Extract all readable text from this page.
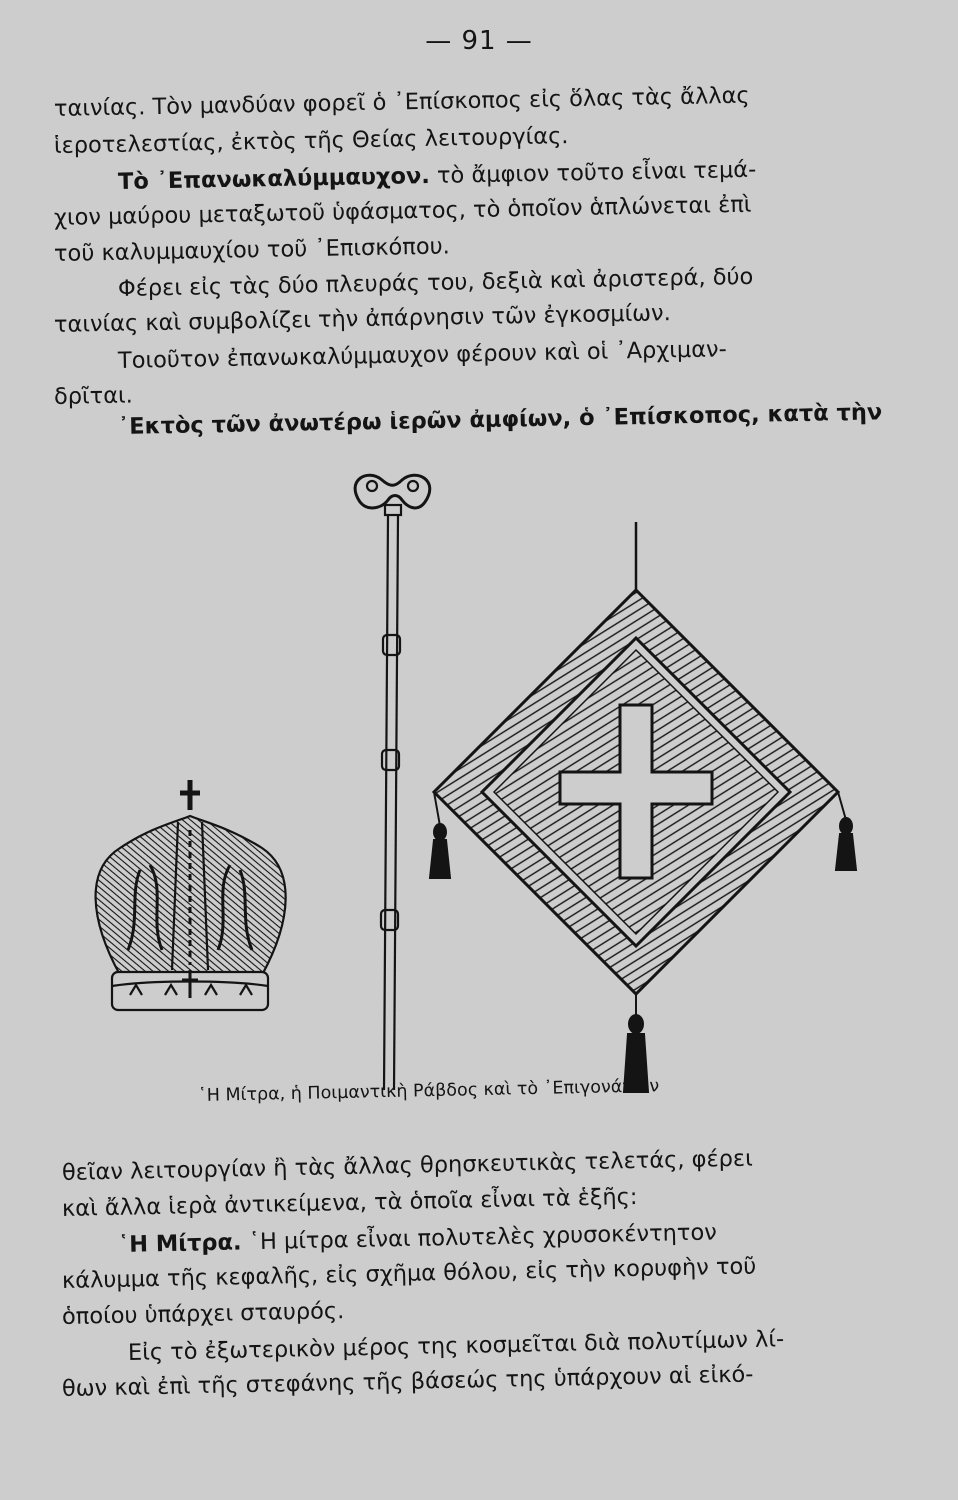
— 91 —
ταινίας. Τὸν μανδύαν φορεῖ ὁ ᾽Επίσκοπος εἰς ὅλας τὰς ἄλλας
ἱεροτελεστίας, ἐκτὸς τῆς Θείας λειτουργίας.
Τὸ ᾽Επανωκαλύμμαυχον. τὸ ἄμφιον τοῦτο εἶναι τεμά-
χιον μαύρου μεταξωτοῦ ὑφάσματος, τὸ ὁποῖον ἁπλώνεται ἐπὶ
τοῦ καλυμμαυχίου τοῦ ᾽Επισκόπου.
Φέρει εἰς τὰς δύο πλευράς του, δεξιὰ καὶ ἀριστερά, δύο
ταινίας καὶ συμβολίζει τὴν ἀπάρνησιν τῶν ἐγκοσμίων.
Τοιοῦτον ἐπανωκαλύμμαυχον φέρουν καὶ οἱ ᾽Αρχιμαν-
δρῖται.
᾽Εκτὸς τῶν ἀνωτέρω ἱερῶν ἀμφίων, ὁ ᾽Επίσκοπος, κατὰ τὴν
῾Η Μίτρα, ἡ Ποιμαντικὴ Ράβδος καὶ τὸ ᾽Επιγονάτιον
θεῖαν λειτουργίαν ἢ τὰς ἄλλας θρησκευτικὰς τελετάς, φέρει
καὶ ἄλλα ἱερὰ ἀντικείμενα, τὰ ὁποῖα εἶναι τὰ ἑξῆς:
῾Η Μίτρα. ῾Η μίτρα εἶναι πολυτελὲς χρυσοκέντητον
κάλυμμα τῆς κεφαλῆς, εἰς σχῆμα θόλου, εἰς τὴν κορυφὴν τοῦ
ὁποίου ὑπάρχει σταυρός.
Εἰς τὸ ἐξωτερικὸν μέρος της κοσμεῖται διὰ πολυτίμων λί-
θων καὶ ἐπὶ τῆς στεφάνης τῆς βάσεώς της ὑπάρχουν αἱ εἰκό-
